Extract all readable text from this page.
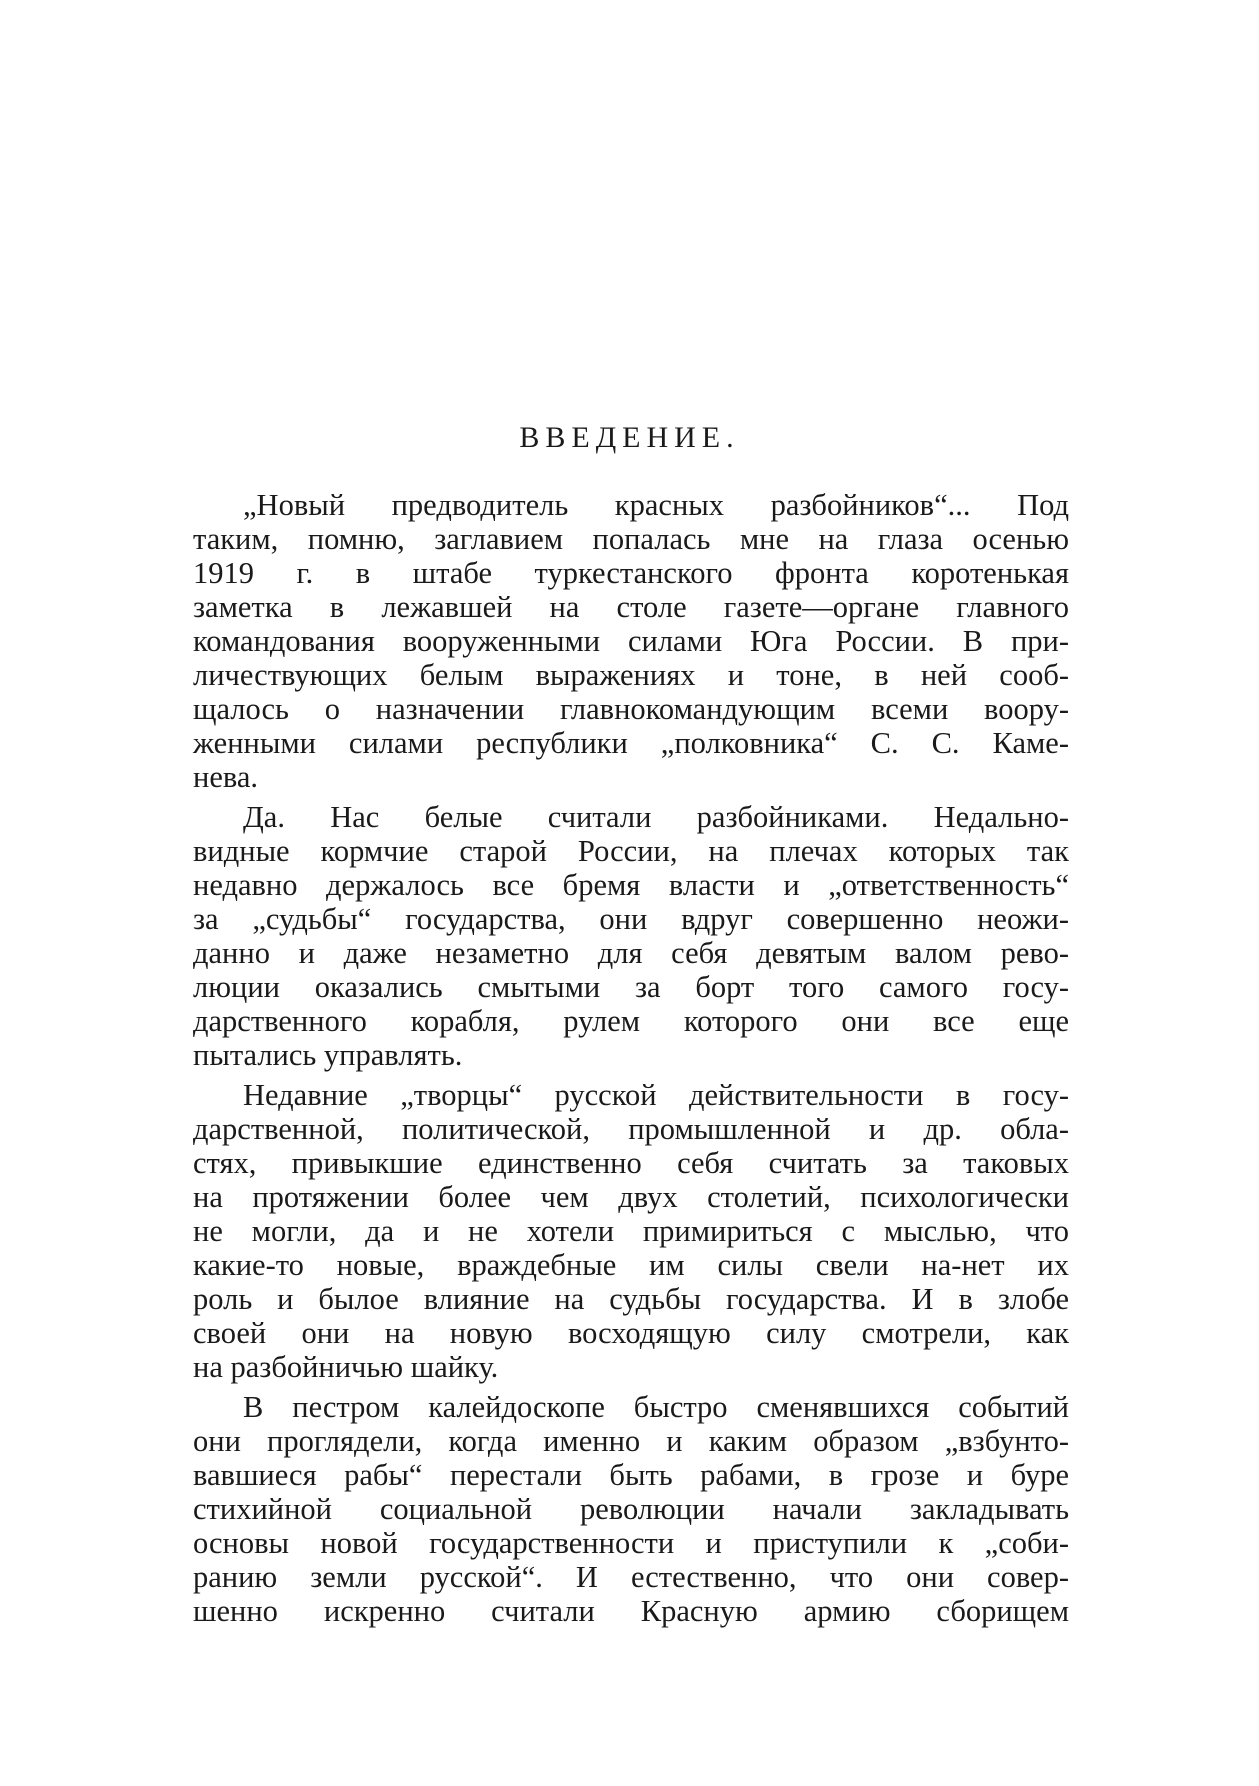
ВВЕДЕНИЕ.
„Новый предводитель красных разбойников“... Под
таким, помню, заглавием попалась мне на глаза осенью
1919 г. в штабе туркестанского фронта коротенькая
заметка в лежавшей на столе газете—органе главного
командования вооруженными силами Юга России. В при-
личествующих белым выражениях и тоне, в ней сооб-
щалось о назначении главнокомандующим всеми воору-
женными силами республики „полковника“ С. С. Каме-
нева.
Да. Нас белые считали разбойниками. Недально-
видные кормчие старой России, на плечах которых так
недавно держалось все бремя власти и „ответственность“
за „судьбы“ государства, они вдруг совершенно неожи-
данно и даже незаметно для себя девятым валом рево-
люции оказались смытыми за борт того самого госу-
дарственного корабля, рулем которого они все еще
пытались управлять.
Недавние „творцы“ русской действительности в госу-
дарственной, политической, промышленной и др. обла-
стях, привыкшие единственно себя считать за таковых
на протяжении более чем двух столетий, психологически
не могли, да и не хотели примириться с мыслью, что
какие-то новые, враждебные им силы свели на-нет их
роль и былое влияние на судьбы государства. И в злобе
своей они на новую восходящую силу смотрели, как
на разбойничью шайку.
В пестром калейдоскопе быстро сменявшихся событий
они проглядели, когда именно и каким образом „взбунто-
вавшиеся рабы“ перестали быть рабами, в грозе и буре
стихийной социальной революции начали закладывать
основы новой государственности и приступили к „соби-
ранию земли русской“. И естественно, что они совер-
шенно искренно считали Красную армию сборищем
